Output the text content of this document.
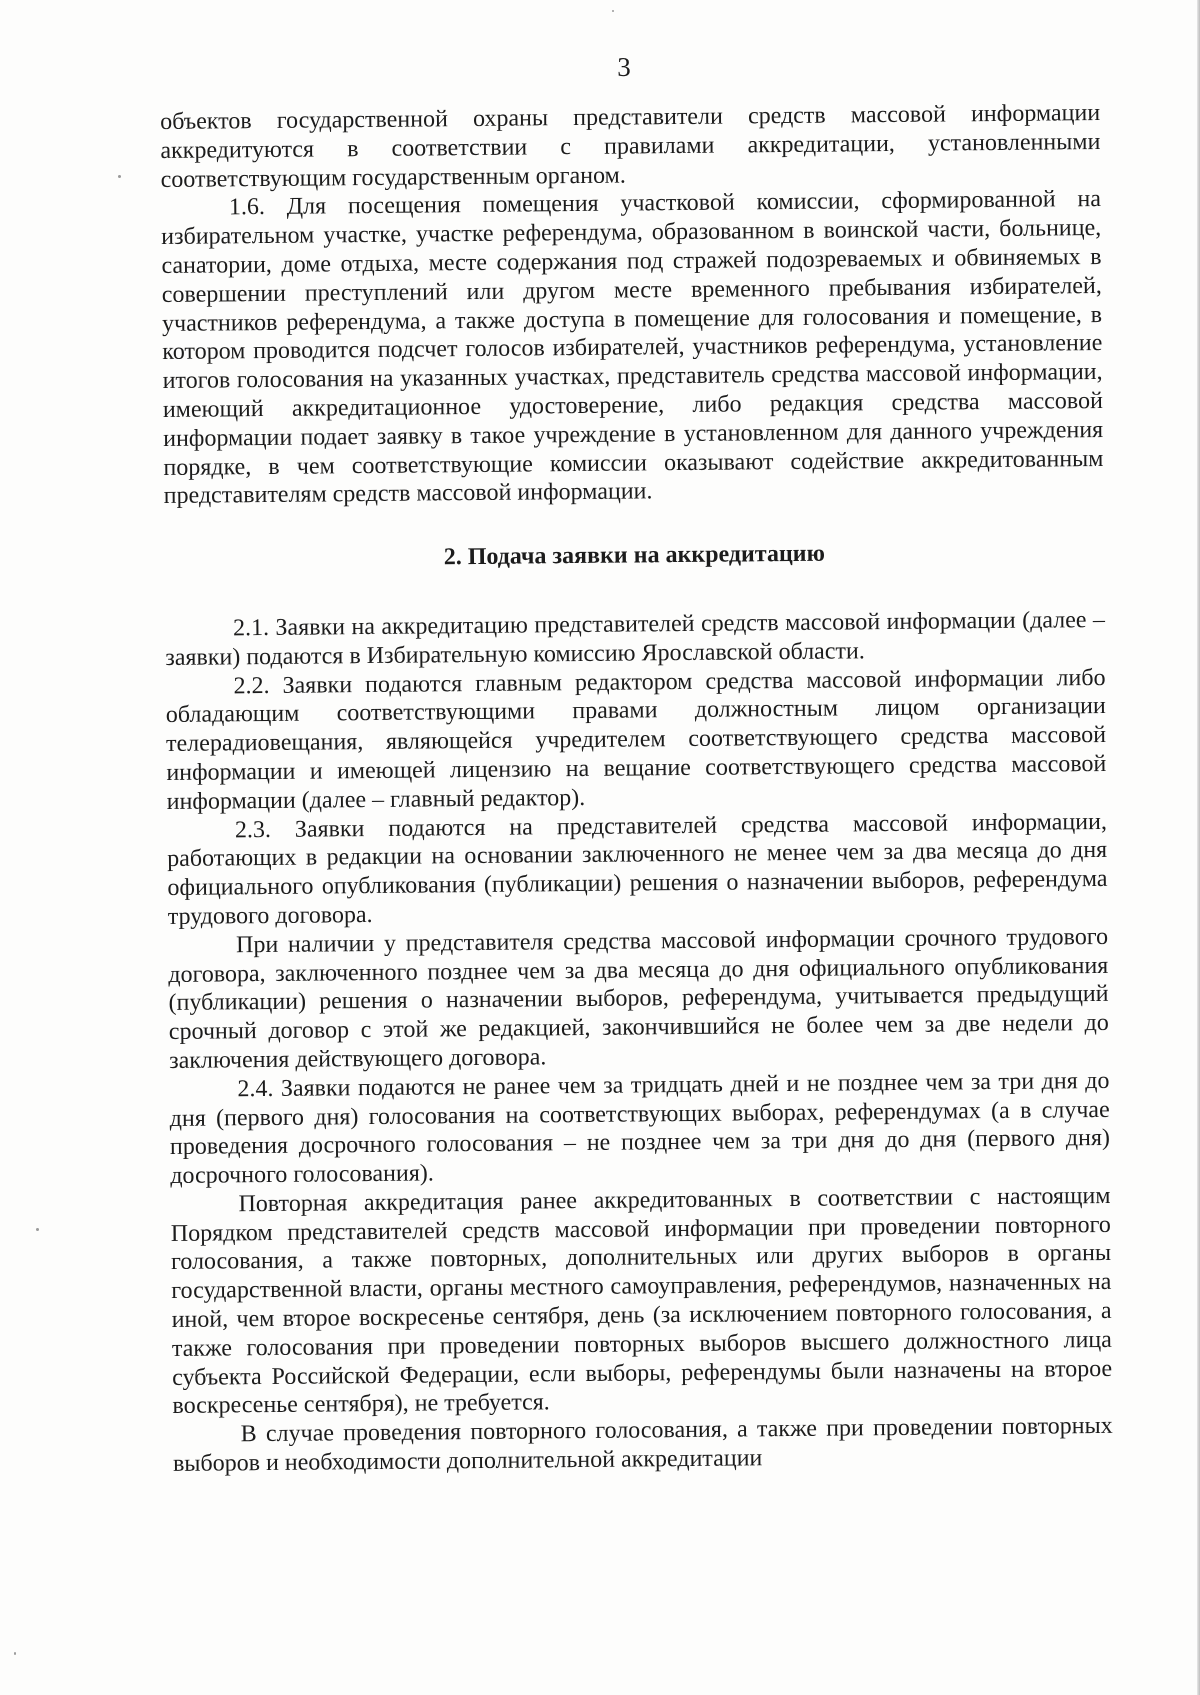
3

объектов государственной охраны представители средств массовой информации аккредитуются в соответствии с правилами аккредитации, установленными соответствующим государственным органом.

1.6. Для посещения помещения участковой комиссии, сформированной на избирательном участке, участке референдума, образованном в воинской части, больнице, санатории, доме отдыха, месте содержания под стражей подозреваемых и обвиняемых в совершении преступлений или другом месте временного пребывания избирателей, участников референдума, а также доступа в помещение для голосования и помещение, в котором проводится подсчет голосов избирателей, участников референдума, установление итогов голосования на указанных участках, представитель средства массовой информации, имеющий аккредитационное удостоверение, либо редакция средства массовой информации подает заявку в такое учреждение в установленном для данного учреждения порядке, в чем соответствующие комиссии оказывают содействие аккредитованным представителям средств массовой информации.

2. Подача заявки на аккредитацию

2.1. Заявки на аккредитацию представителей средств массовой информации (далее – заявки) подаются в Избирательную комиссию Ярославской области.

2.2. Заявки подаются главным редактором средства массовой информации либо обладающим соответствующими правами должностным лицом организации телерадиовещания, являющейся учредителем соответствующего средства массовой информации и имеющей лицензию на вещание соответствующего средства массовой информации (далее – главный редактор).

2.3. Заявки подаются на представителей средства массовой информации, работающих в редакции на основании заключенного не менее чем за два месяца до дня официального опубликования (публикации) решения о назначении выборов, референдума трудового договора.

При наличии у представителя средства массовой информации срочного трудового договора, заключенного позднее чем за два месяца до дня официального опубликования (публикации) решения о назначении выборов, референдума, учитывается предыдущий срочный договор с этой же редакцией, закончившийся не более чем за две недели до заключения действующего договора.

2.4. Заявки подаются не ранее чем за тридцать дней и не позднее чем за три дня до дня (первого дня) голосования на соответствующих выборах, референдумах (а в случае проведения досрочного голосования – не позднее чем за три дня до дня (первого дня) досрочного голосования).

Повторная аккредитация ранее аккредитованных в соответствии с настоящим Порядком представителей средств массовой информации при проведении повторного голосования, а также повторных, дополнительных или других выборов в органы государственной власти, органы местного самоуправления, референдумов, назначенных на иной, чем второе воскресенье сентября, день (за исключением повторного голосования, а также голосования при проведении повторных выборов высшего должностного лица субъекта Российской Федерации, если выборы, референдумы были назначены на второе воскресенье сентября), не требуется.

В случае проведения повторного голосования, а также при проведении повторных выборов и необходимости дополнительной аккредитации
